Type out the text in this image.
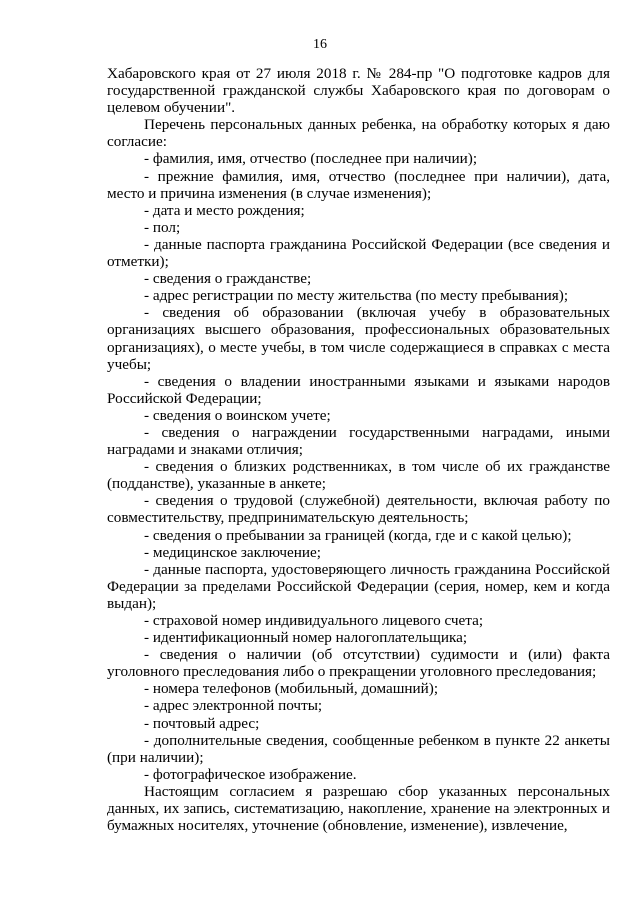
16

Хабаровского края от 27 июля 2018 г. № 284-пр "О подготовке кадров для государственной гражданской службы Хабаровского края по договорам о целевом обучении".

Перечень персональных данных ребенка, на обработку которых я даю согласие:

- фамилия, имя, отчество (последнее при наличии);

- прежние фамилия, имя, отчество (последнее при наличии), дата, место и причина изменения (в случае изменения);

- дата и место рождения;

- пол;

- данные паспорта гражданина Российской Федерации (все сведения и отметки);

- сведения о гражданстве;

- адрес регистрации по месту жительства (по месту пребывания);

- сведения об образовании (включая учебу в образовательных организациях высшего образования, профессиональных образовательных организациях), о месте учебы, в том числе содержащиеся в справках с места учебы;

- сведения о владении иностранными языками и языками народов Российской Федерации;

- сведения о воинском учете;

- сведения о награждении государственными наградами, иными наградами и знаками отличия;

- сведения о близких родственниках, в том числе об их гражданстве (подданстве), указанные в анкете;

- сведения о трудовой (служебной) деятельности, включая работу по совместительству, предпринимательскую деятельность;

- сведения о пребывании за границей (когда, где и с какой целью);

- медицинское заключение;

- данные паспорта, удостоверяющего личность гражданина Российской Федерации за пределами Российской Федерации (серия, номер, кем и когда выдан);

- страховой номер индивидуального лицевого счета;

- идентификационный номер налогоплательщика;

- сведения о наличии (об отсутствии) судимости и (или) факта уголовного преследования либо о прекращении уголовного преследования;

- номера телефонов (мобильный, домашний);

- адрес электронной почты;

- почтовый адрес;

- дополнительные сведения, сообщенные ребенком в пункте 22 анкеты (при наличии);

- фотографическое изображение.

Настоящим согласием я разрешаю сбор указанных персональных данных, их запись, систематизацию, накопление, хранение на электронных и бумажных носителях, уточнение (обновление, изменение), извлечение,
